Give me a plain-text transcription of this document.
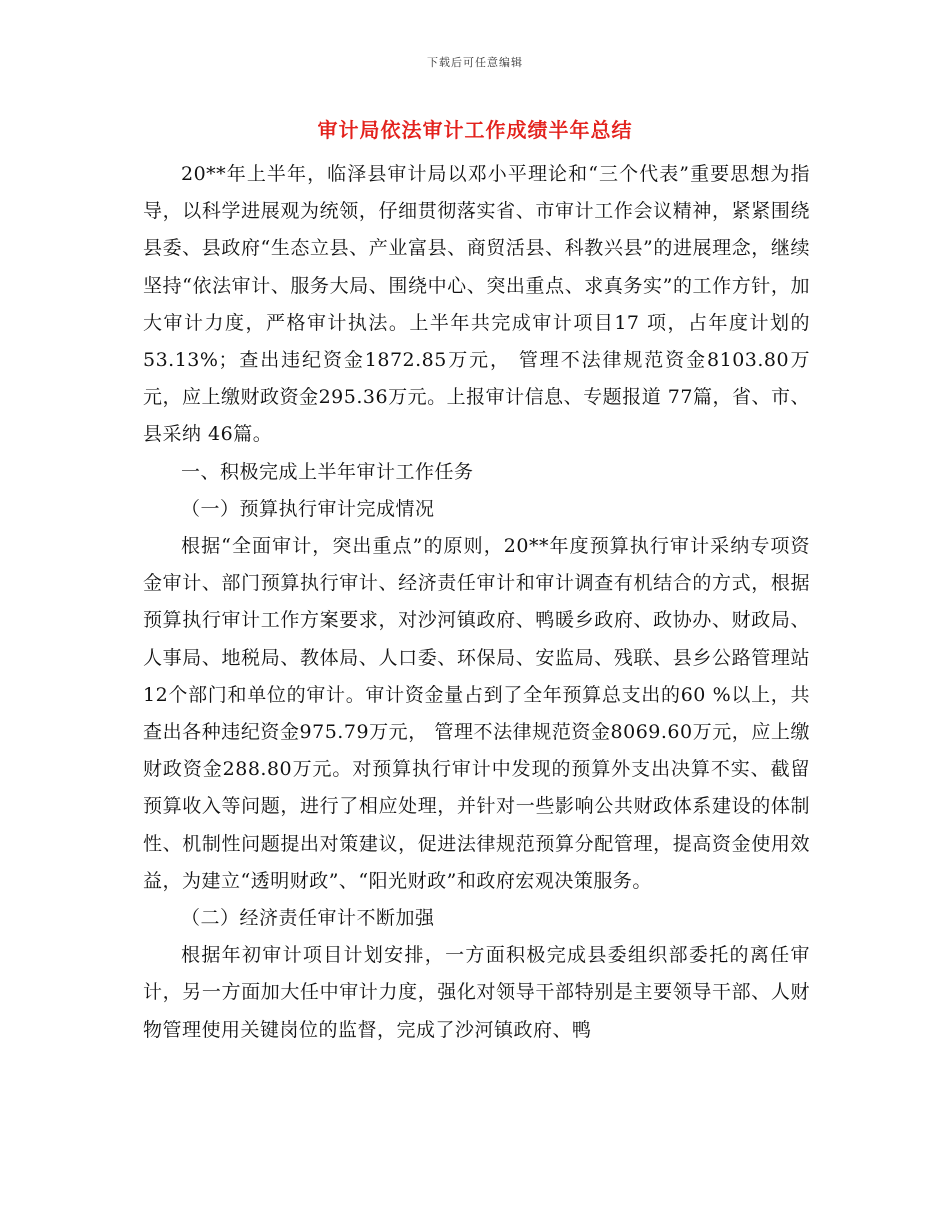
下载后可任意编辑
审计局依法审计工作成绩半年总结

20**年上半年，临泽县审计局以邓小平理论和“三个代表”重要思想为指导，以科学进展观为统领，仔细贯彻落实省、市审计工作会议精神，紧紧围绕县委、县政府“生态立县、产业富县、商贸活县、科教兴县”的进展理念，继续坚持“依法审计、服务大局、围绕中心、突出重点、求真务实”的工作方针，加大审计力度，严格审计执法。上半年共完成审计项目17 项，占年度计划的53.13%；查出违纪资金1872.85万元， 管理不法律规范资金8103.80万元，应上缴财政资金295.36万元。上报审计信息、专题报道 77篇，省、市、县采纳 46篇。

一、积极完成上半年审计工作任务

（一）预算执行审计完成情况

根据“全面审计，突出重点”的原则，20**年度预算执行审计采纳专项资金审计、部门预算执行审计、经济责任审计和审计调查有机结合的方式，根据预算执行审计工作方案要求，对沙河镇政府、鸭暖乡政府、政协办、财政局、人事局、地税局、教体局、人口委、环保局、安监局、残联、县乡公路管理站12个部门和单位的审计。审计资金量占到了全年预算总支出的60 %以上，共查出各种违纪资金975.79万元， 管理不法律规范资金8069.60万元，应上缴财政资金288.80万元。对预算执行审计中发现的预算外支出决算不实、截留预算收入等问题，进行了相应处理，并针对一些影响公共财政体系建设的体制性、机制性问题提出对策建议，促进法律规范预算分配管理，提高资金使用效益，为建立“透明财政”、“阳光财政”和政府宏观决策服务。

（二）经济责任审计不断加强

根据年初审计项目计划安排，一方面积极完成县委组织部委托的离任审计，另一方面加大任中审计力度，强化对领导干部特别是主要领导干部、人财物管理使用关键岗位的监督，完成了沙河镇政府、鸭
